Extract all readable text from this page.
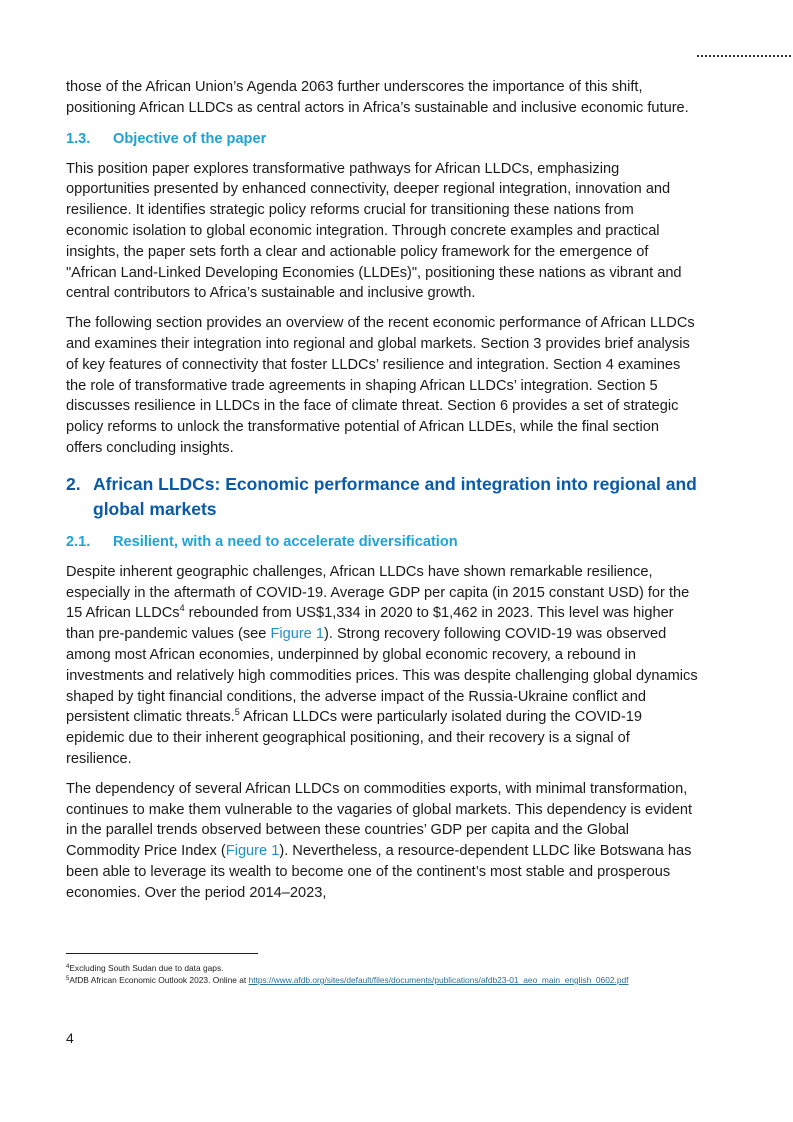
those of the African Union’s Agenda 2063 further underscores the importance of this shift, positioning African LLDCs as central actors in Africa’s sustainable and inclusive economic future.

1.3.	Objective of the paper

This position paper explores transformative pathways for African LLDCs, emphasizing opportunities presented by enhanced connectivity, deeper regional integration, innovation and resilience. It identifies strategic policy reforms crucial for transitioning these nations from economic isolation to global economic integration. Through concrete examples and practical insights, the paper sets forth a clear and actionable policy framework for the emergence of "African Land-Linked Developing Economies (LLDEs)", positioning these nations as vibrant and central contributors to Africa’s sustainable and inclusive growth.

The following section provides an overview of the recent economic performance of African LLDCs and examines their integration into regional and global markets. Section 3 provides brief analysis of key features of connectivity that foster LLDCs’ resilience and integration. Section 4 examines the role of transformative trade agreements in shaping African LLDCs’ integration. Section 5 discusses resilience in LLDCs in the face of climate threat. Section 6 provides a set of strategic policy reforms to unlock the transformative potential of African LLDEs, while the final section offers concluding insights.

2. African LLDCs: Economic performance and integration into regional and global markets
2.1.	Resilient, with a need to accelerate diversification

Despite inherent geographic challenges, African LLDCs have shown remarkable resilience, especially in the aftermath of COVID-19. Average GDP per capita (in 2015 constant USD) for the 15 African LLDCs$^4$ rebounded from US$1,334 in 2020 to $1,462 in 2023. This level was higher than pre-pandemic values (see Figure 1). Strong recovery following COVID-19 was observed among most African economies, underpinned by global economic recovery, a rebound in investments and relatively high commodities prices. This was despite challenging global dynamics shaped by tight financial conditions, the adverse impact of the Russia-Ukraine conflict and persistent climatic threats.$^5$ African LLDCs were particularly isolated during the COVID-19 epidemic due to their inherent geographical positioning, and their recovery is a signal of resilience.

The dependency of several African LLDCs on commodities exports, with minimal transformation, continues to make them vulnerable to the vagaries of global markets. This dependency is evident in the parallel trends observed between these countries’ GDP per capita and the Global Commodity Price Index (Figure 1). Nevertheless, a resource-dependent LLDC like Botswana has been able to leverage its wealth to become one of the continent’s most stable and prosperous economies. Over the period 2014–2023,

$^4$Excluding South Sudan due to data gaps.

$^5$AfDB African Economic Outlook 2023. Online at https://www.afdb.org/sites/default/files/documents/publications/afdb23-01_aeo_main_english_0602.pdf

4
